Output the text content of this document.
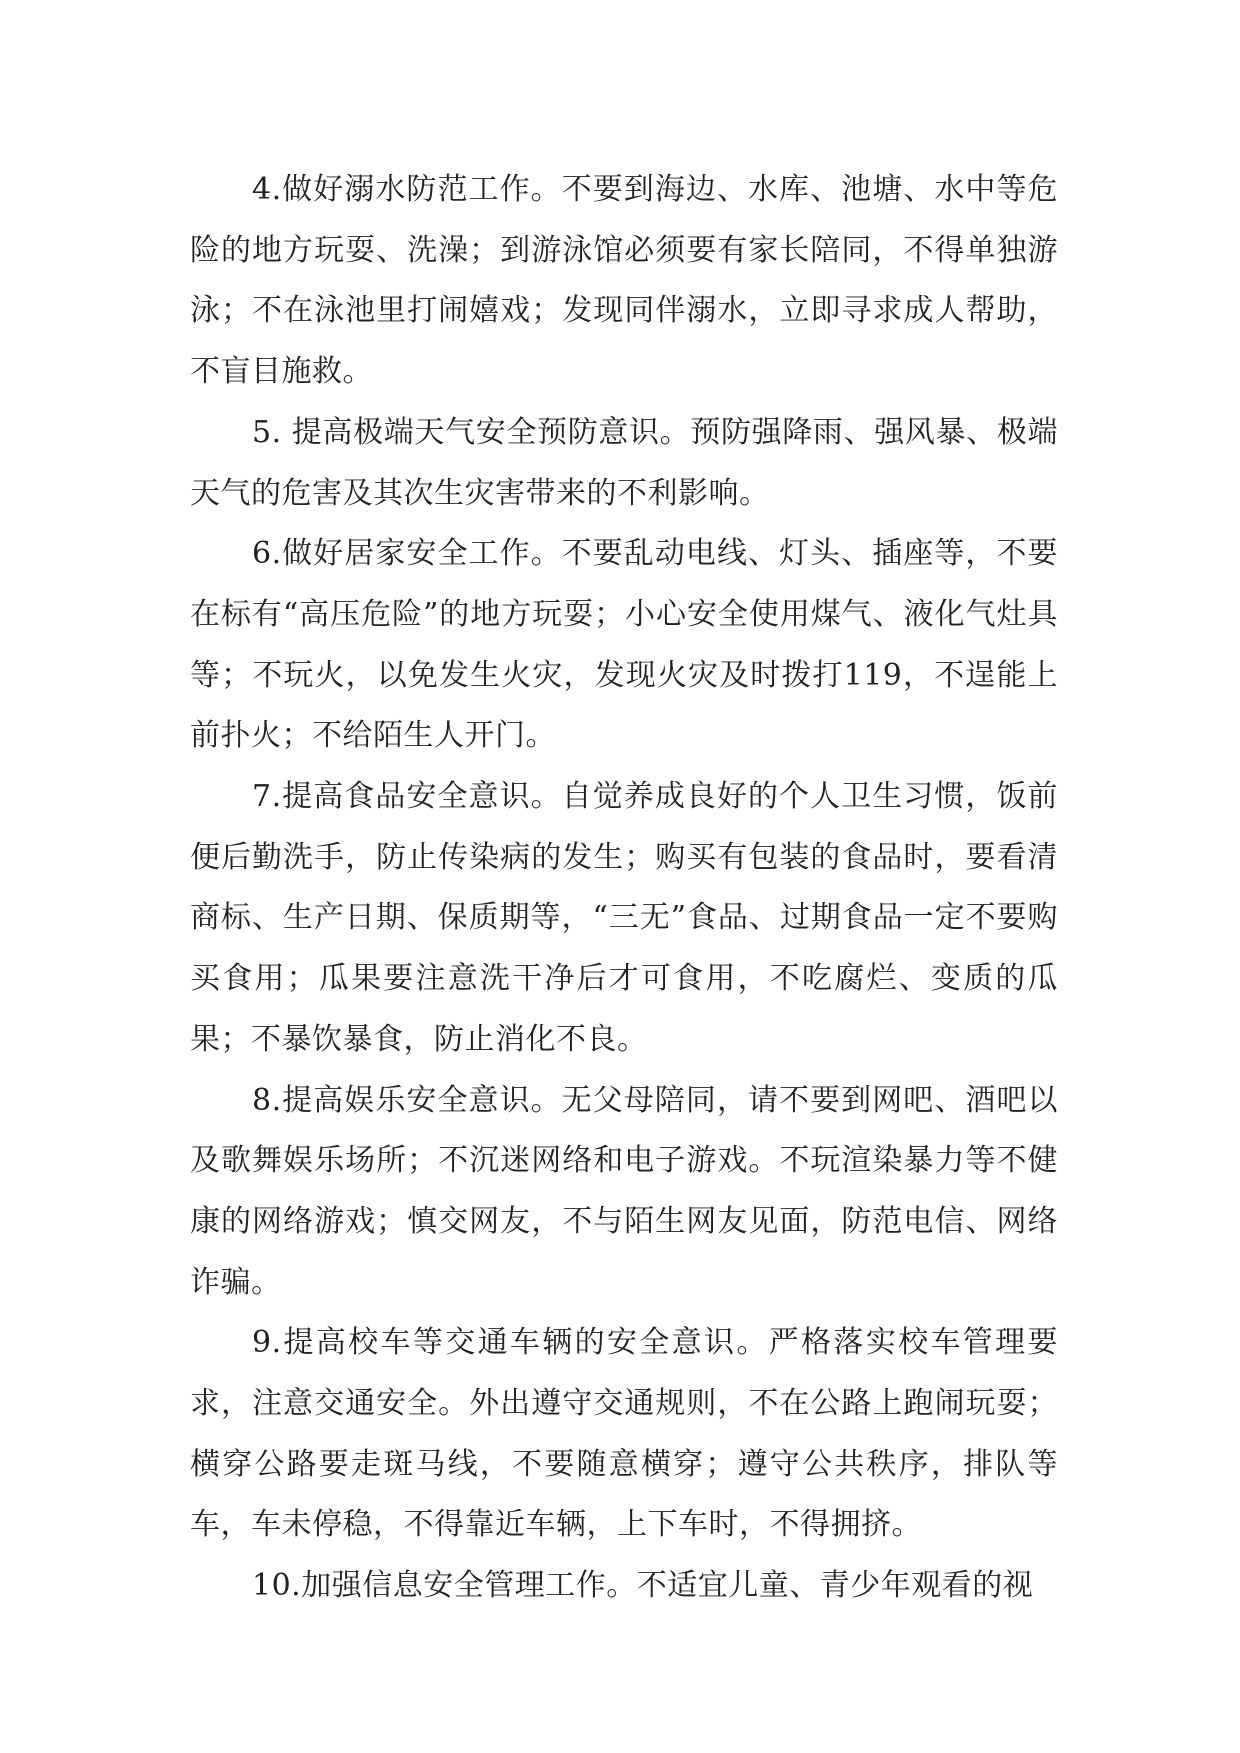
4.做好溺水防范工作。不要到海边、水库、池塘、水中等危险的地方玩耍、洗澡；到游泳馆必须要有家长陪同，不得单独游泳；不在泳池里打闹嬉戏；发现同伴溺水，立即寻求成人帮助，不盲目施救。

5. 提高极端天气安全预防意识。预防强降雨、强风暴、极端天气的危害及其次生灾害带来的不利影响。

6.做好居家安全工作。不要乱动电线、灯头、插座等，不要在标有“高压危险”的地方玩耍；小心安全使用煤气、液化气灶具等；不玩火，以免发生火灾，发现火灾及时拨打119，不逞能上前扑火；不给陌生人开门。

7.提高食品安全意识。自觉养成良好的个人卫生习惯，饭前便后勤洗手，防止传染病的发生；购买有包装的食品时，要看清商标、生产日期、保质期等，“三无”食品、过期食品一定不要购买食用；瓜果要注意洗干净后才可食用，不吃腐烂、变质的瓜果；不暴饮暴食，防止消化不良。

8.提高娱乐安全意识。无父母陪同，请不要到网吧、酒吧以及歌舞娱乐场所；不沉迷网络和电子游戏。不玩渲染暴力等不健康的网络游戏；慎交网友，不与陌生网友见面，防范电信、网络诈骗。

9.提高校车等交通车辆的安全意识。严格落实校车管理要求，注意交通安全。外出遵守交通规则，不在公路上跑闹玩耍；横穿公路要走斑马线，不要随意横穿；遵守公共秩序，排队等车，车未停稳，不得靠近车辆，上下车时，不得拥挤。

10.加强信息安全管理工作。不适宜儿童、青少年观看的视
